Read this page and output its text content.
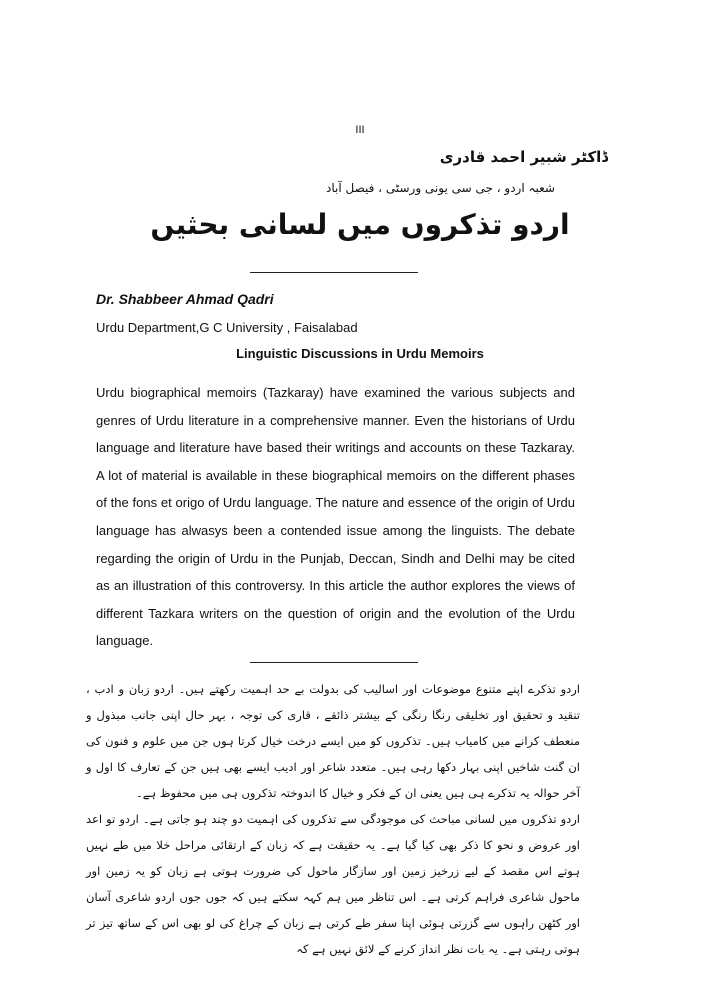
III
ڈاکٹر شبیر احمد قادری
شعبہ اردو ، جی سی یونی ورسٹی ، فیصل آباد
اردو تذکروں میں لسانی بحثیں
Dr. Shabbeer Ahmad Qadri
Urdu Department,G C University , Faisalabad
Linguistic Discussions in Urdu Memoirs

Urdu biographical memoirs (Tazkaray) have examined the various subjects and genres of Urdu literature in a comprehensive manner. Even the historians of Urdu language and literature have based their writings and accounts on these Tazkaray. A lot of material is available in these biographical memoirs on the different phases of the fons et origo of Urdu language. The nature and essence of the origin of Urdu language has alwasys been a contended issue among the linguists. The debate regarding the origin of Urdu in the Punjab, Deccan, Sindh and Delhi may be cited as an illustration of this controversy. In this article the author explores the views of different Tazkara writers on the question of origin and the evolution of the Urdu language.

اردو تذکرے اپنے متنوع موضوعات اور اسالیب کی بدولت بے حد اہمیت رکھتے ہیں۔ اردو زبان و ادب ، تنقید و تحقیق اور تخلیقی رنگا رنگی کے بیشتر ذائقے ، قاری کی توجہ ، بہر حال اپنی جانب مبذول و منعطف کرانے میں کامیاب ہیں۔ تذکروں کو میں ایسے درخت خیال کرتا ہوں جن میں علوم و فنون کی ان گنت شاخیں اپنی بہار دکھا رہی ہیں۔ متعدد شاعر اور ادیب ایسے بھی ہیں جن کے تعارف کا اول و آخر حوالہ یہ تذکرے ہی ہیں یعنی ان کے فکر و خیال کا اندوختہ تذکروں ہی میں محفوظ ہے۔

اردو تذکروں میں لسانی مباحث کی موجودگی سے تذکروں کی اہمیت دو چند ہو جاتی ہے۔ اردو تو اعد اور عروض و نحو کا ذکر بھی کیا گیا ہے۔ یہ حقیقت ہے کہ زبان کے ارتقائی مراحل خلا میں طے نہیں ہوتے اس مقصد کے لیے زرخیز زمین اور سازگار ماحول کی ضرورت ہوتی ہے زبان کو یہ زمین اور ماحول شاعری فراہم کرتی ہے۔ اس تناظر میں ہم کہہ سکتے ہیں کہ جوں جوں اردو شاعری آسان اور کٹھن راہوں سے گزرتی ہوئی اپنا سفر طے کرتی ہے زبان کے چراغ کی لو بھی اس کے ساتھ تیز تر ہوتی رہتی ہے۔ یہ بات نظر انداز کرنے کے لائق نہیں ہے کہ
